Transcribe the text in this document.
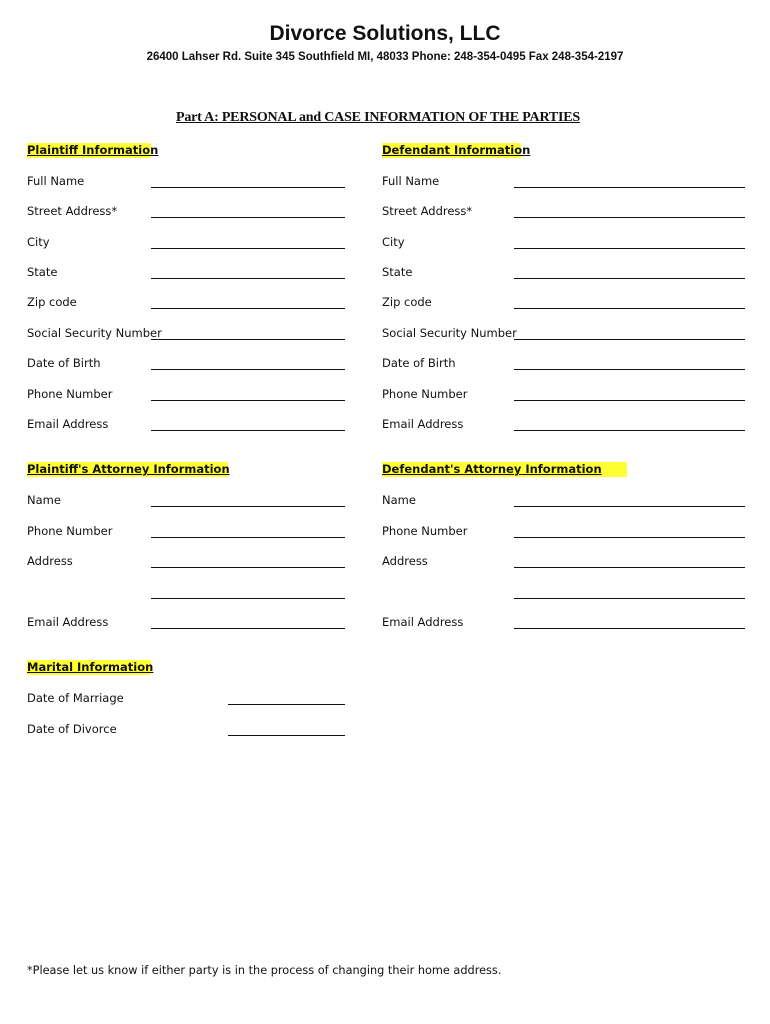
Divorce Solutions, LLC
26400 Lahser Rd. Suite 345 Southfield MI, 48033 Phone: 248-354-0495 Fax 248-354-2197
Part A: PERSONAL and CASE INFORMATION OF THE PARTIES
Plaintiff Information
Full Name
Street Address*
City
State
Zip code
Social Security Number
Date of Birth
Phone Number
Email Address
Defendant Information
Full Name
Street Address*
City
State
Zip code
Social Security Number
Date of Birth
Phone Number
Email Address
Plaintiff's Attorney Information
Name
Phone Number
Address
Email Address
Defendant's Attorney Information
Name
Phone Number
Address
Email Address
Marital Information
Date of Marriage
Date of Divorce
*Please let us know if either party is in the process of changing their home address.
